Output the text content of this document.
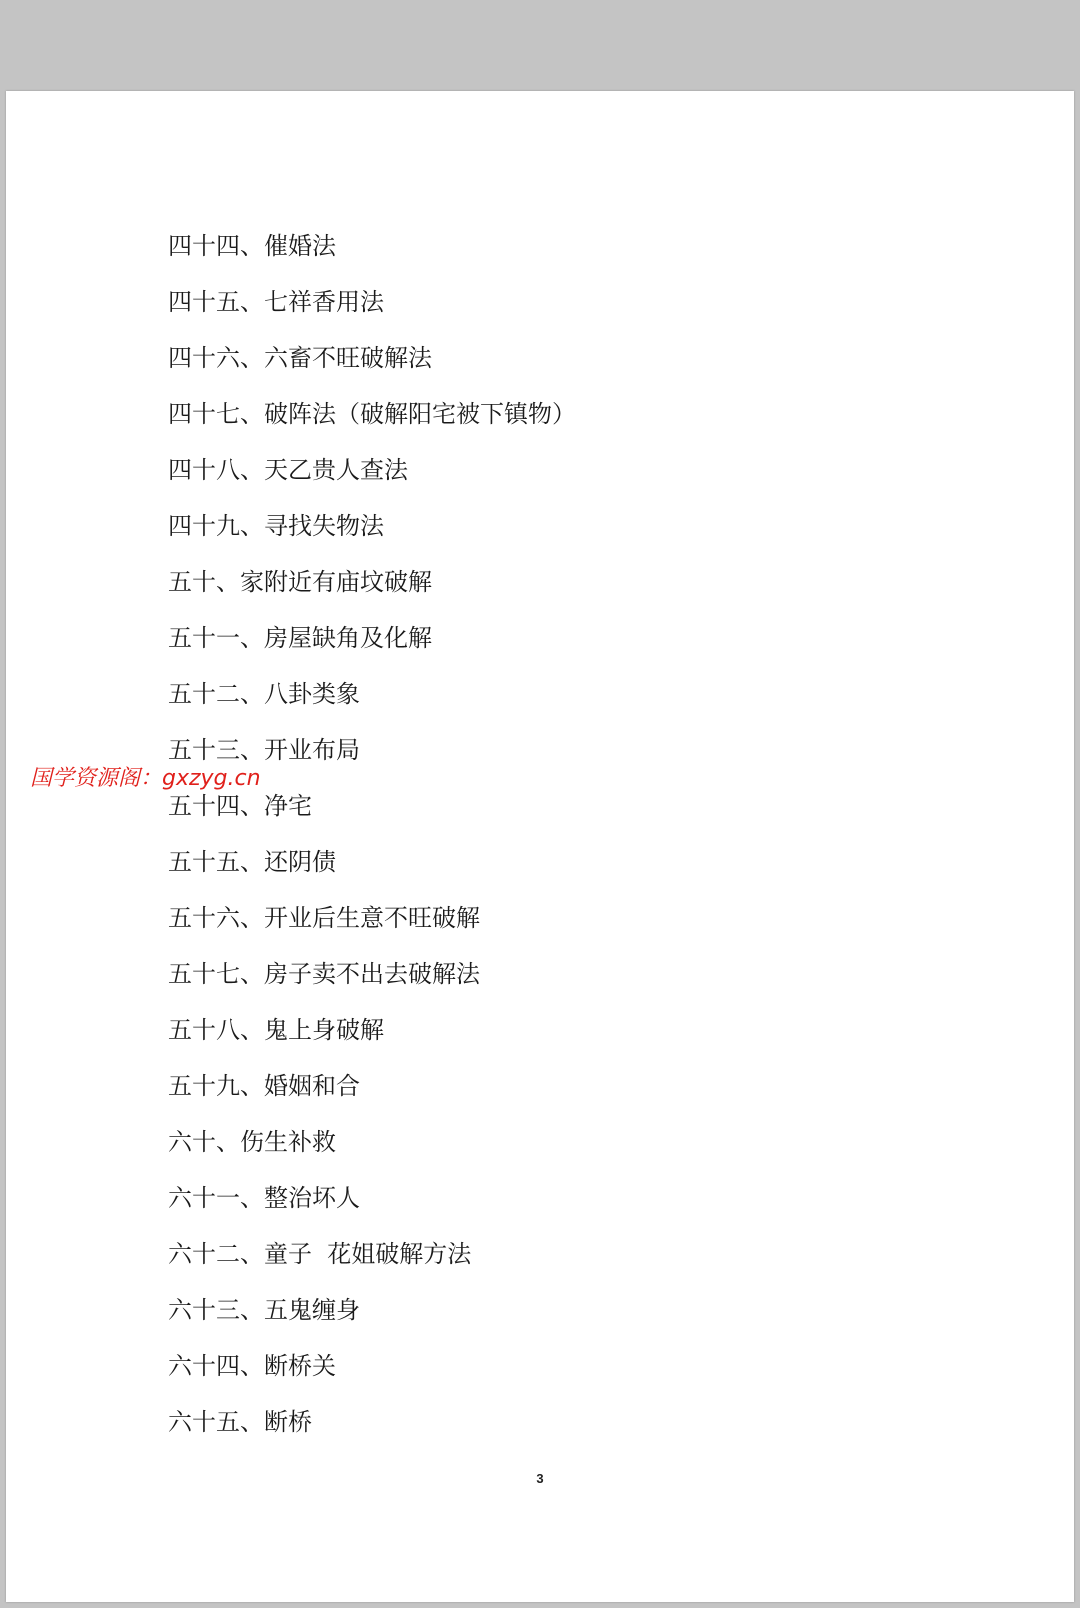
四十四、催婚法
四十五、七祥香用法
四十六、六畜不旺破解法
四十七、破阵法（破解阳宅被下镇物）
四十八、天乙贵人查法
四十九、寻找失物法
五十、家附近有庙坟破解
五十一、房屋缺角及化解
五十二、八卦类象
五十三、开业布局
五十四、净宅
五十五、还阴债
五十六、开业后生意不旺破解
五十七、房子卖不出去破解法
五十八、鬼上身破解
五十九、婚姻和合
六十、伤生补救
六十一、整治坏人
六十二、童子  花姐破解方法
六十三、五鬼缠身
六十四、断桥关
六十五、断桥
3
国学资源阁：gxzyg.cn
